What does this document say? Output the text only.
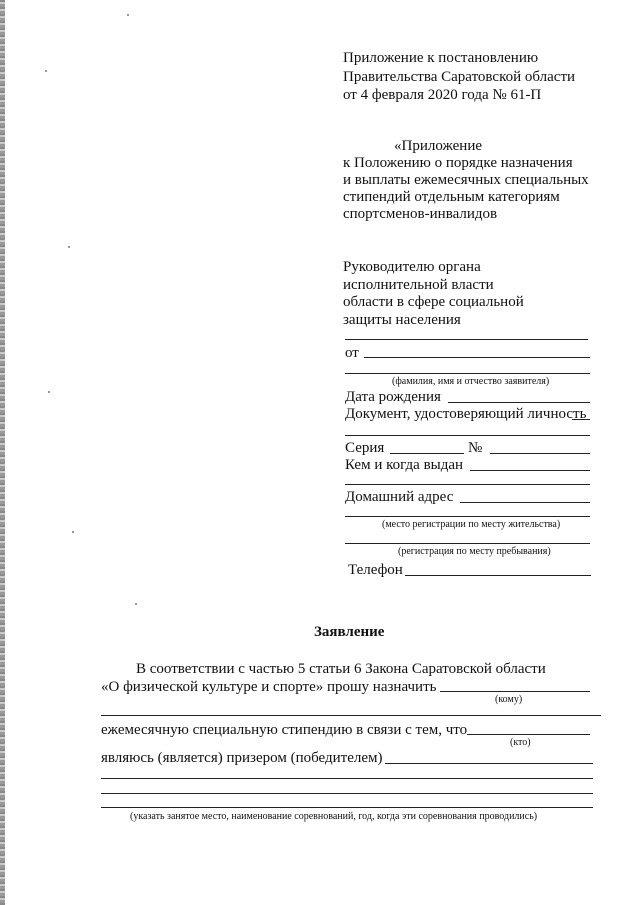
Приложение к постановлению
Правительства Саратовской области
от 4 февраля 2020 года № 61-П
«Приложение
к Положению о порядке назначения
и выплаты ежемесячных специальных
стипендий отдельным категориям
спортсменов-инвалидов
Руководителю органа
исполнительной власти
области в сфере социальной
защиты населения
от
(фамилия, имя и отчество заявителя)
Дата рождения
Документ, удостоверяющий личность
Серия	№
Кем и когда выдан
Домашний адрес
(место регистрации по месту жительства)
(регистрация по месту пребывания)
Телефон
Заявление
В соответствии с частью 5 статьи 6 Закона Саратовской области
«О физической культуре и спорте» прошу назначить
(кому)
ежемесячную специальную стипендию в связи с тем, что
(кто)
являюсь (является) призером (победителем)
(указать занятое место, наименование соревнований, год, когда эти соревнования проводились)
